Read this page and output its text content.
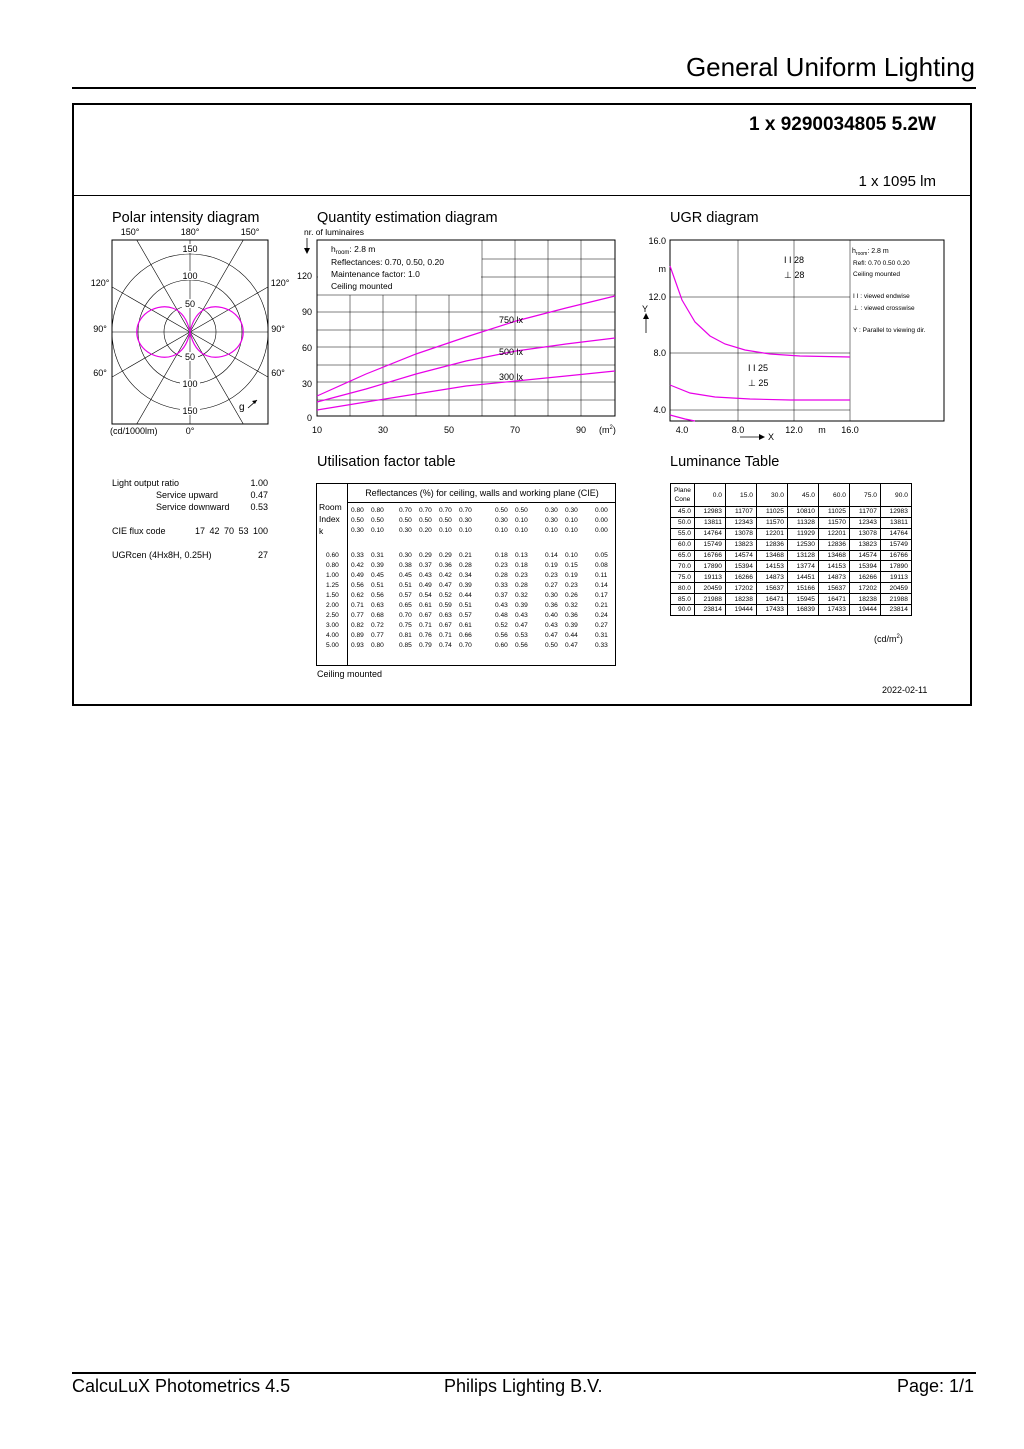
General Uniform Lighting
1 x 9290034805 5.2W
1 x 1095 lm
Polar intensity diagram
150
100
50
50
100
150
150°	180°	150°
120°
90°
60°
120°
90°
60°
g
(cd/1000lm)	0°
Quantity estimation diagram
nr. of luminaires
$h_{room}$: 2.8 m
Reflectances: 0.70, 0.50, 0.20
Maintenance factor: 1.0
Ceiling mounted
750 lx
500 lx
300 lx
120
90
60
30
0
10	30	50	70	90 $(m^2)$
UGR diagram
I I 28
⊥ 28
I I 25
⊥ 25
$h_{room}$: 2.8 m
Refl: 0.70 0.50 0.20
Ceiling mounted
I I : viewed endwise
⊥ : viewed crosswise
Y : Parallel to viewing dir.
16.0
m
12.0
Y
8.0
4.0
4.0	8.0
X
12.0 m 16.0
Light output ratio	1.00
Service upward	0.47
Service downward 0.53
CIE flux code	17 42 70 53 100
UGRcen (4Hx8H, 0.25H)	27
Utilisation factor table
Reflectances (%) for ceiling, walls and working plane (CIE)
Room
Index
k
0.80 0.80 0.70 0.70 0.70 0.70	0.50 0.50	0.30 0.30	0.00
0.50 0.50 0.50 0.50 0.50 0.30	0.30 0.10	0.30 0.10	0.00
0.30 0.10 0.30 0.20 0.10 0.10	0.10 0.10	0.10 0.10	0.00
0.60 0.33 0.31 0.30 0.29 0.29 0.21	0.18 0.13	0.14 0.10	0.05
0.80 0.42 0.39 0.38 0.37 0.36 0.28	0.23 0.18	0.19 0.15	0.08
1.00 0.49 0.45 0.45 0.43 0.42 0.34	0.28 0.23	0.23 0.19	0.11
1.25 0.56 0.51 0.51 0.49 0.47 0.39	0.33 0.28	0.27 0.23	0.14
1.50 0.62 0.56 0.57 0.54 0.52 0.44	0.37 0.32	0.30 0.26	0.17
2.00 0.71 0.63 0.65 0.61 0.59 0.51	0.43 0.39	0.36 0.32	0.21
2.50 0.77 0.68 0.70 0.67 0.63 0.57	0.48 0.43	0.40 0.36	0.24
3.00 0.82 0.72 0.75 0.71 0.67 0.61	0.52 0.47	0.43 0.39	0.27
4.00 0.89 0.77 0.81 0.76 0.71 0.66	0.56 0.53	0.47 0.44	0.31
5.00 0.93 0.80 0.85 0.79 0.74 0.70	0.60 0.56	0.50 0.47	0.33
Ceiling mounted
Luminance Table
Plane
Cone	0.0	15.0	30.0	45.0	60.0	75.0	90.0
45.0	12983	11707	11025	10810	11025	11707	12983
50.0	13811	12343	11570	11328	11570	12343	13811
55.0	14764	13078	12201	11929	12201	13078	14764
60.0	15749	13823	12836	12530	12836	13823	15749
65.0	16766	14574	13468	13128	13468	14574	16766
70.0	17890	15394	14153	13774	14153	15394	17890
75.0	19113	16266	14873	14451	14873	16266	19113
80.0	20459	17202	15637	15166	15637	17202	20459
85.0	21988	18238	16471	15945	16471	18238	21988
90.0	23814	19444	17433	16839	17433	19444	23814
$(cd/m^2)$
2022-02-11
CalcuLuX Photometrics 4.5	Philips Lighting B.V.	Page: 1/1
